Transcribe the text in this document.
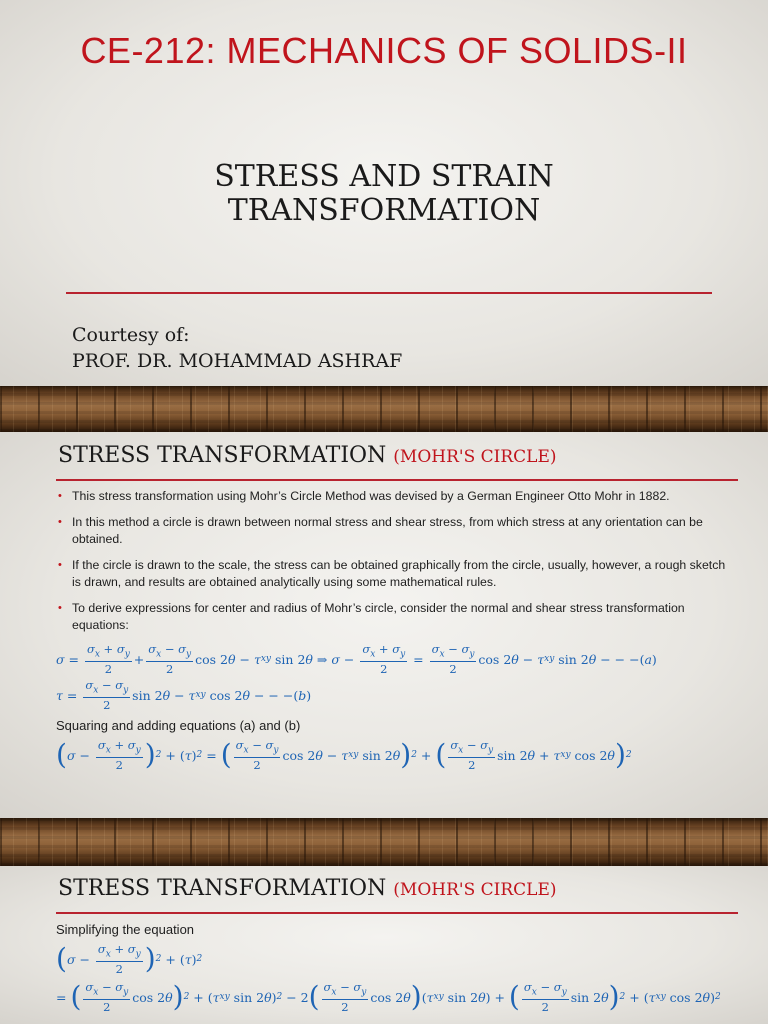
CE-212: MECHANICS OF SOLIDS-II
STRESS AND STRAIN
TRANSFORMATION
Courtesy of:
PROF. DR. MOHAMMAD ASHRAF
STRESS TRANSFORMATION (MOHR'S CIRCLE)
• This stress transformation using Mohr’s Circle Method was devised by a German Engineer Otto Mohr in 1882.
• In this method a circle is drawn between normal stress and shear stress, from which stress at any orientation can be obtained.
• If the circle is drawn to the scale, the stress can be obtained graphically from the circle, usually, however, a rough sketch is drawn, and results are obtained analytically using some mathematical rules.
• To derive expressions for center and radius of Mohr’s circle, consider the normal and shear stress transformation equations:
$\sigma = \frac{\sigma_x + \sigma_y}{2} + \frac{\sigma_x - \sigma_y}{2}$ cos 2 θ − τ xy sin 2 θ ⇒ $\sigma - \frac{\sigma_x + \sigma_y}{2} = \frac{\sigma_x - \sigma_y}{2}$ cos 2 θ − τ xy sin 2 θ − − −( a )
$\tau = \frac{\sigma_x - \sigma_y}{2}$ sin 2 θ − τ xy cos 2 θ − − −( b )
Squaring and adding equations (a) and (b)
( $\sigma - \frac{\sigma_x + \sigma_y}{2}$ ) 2 + ( τ ) 2 = ( $\frac{\sigma_x - \sigma_y}{2}$ cos 2 θ − τ xy sin 2 θ ) 2 + ( $\frac{\sigma_x - \sigma_y}{2}$ sin 2 θ + τ xy cos 2 θ ) 2
STRESS TRANSFORMATION (MOHR'S CIRCLE)
Simplifying the equation
( $\sigma - \frac{\sigma_x + \sigma_y}{2}$ ) 2 + ( τ ) 2
= ( $\frac{\sigma_x - \sigma_y}{2}$ cos 2 θ ) 2 + ( τ xy sin 2 θ ) 2 − 2 ( $\frac{\sigma_x - \sigma_y}{2}$ cos 2 θ ) ( τ xy sin 2 θ ) + ( $\frac{\sigma_x - \sigma_y}{2}$ sin 2 θ ) 2 + ( τ xy cos 2 θ ) 2
